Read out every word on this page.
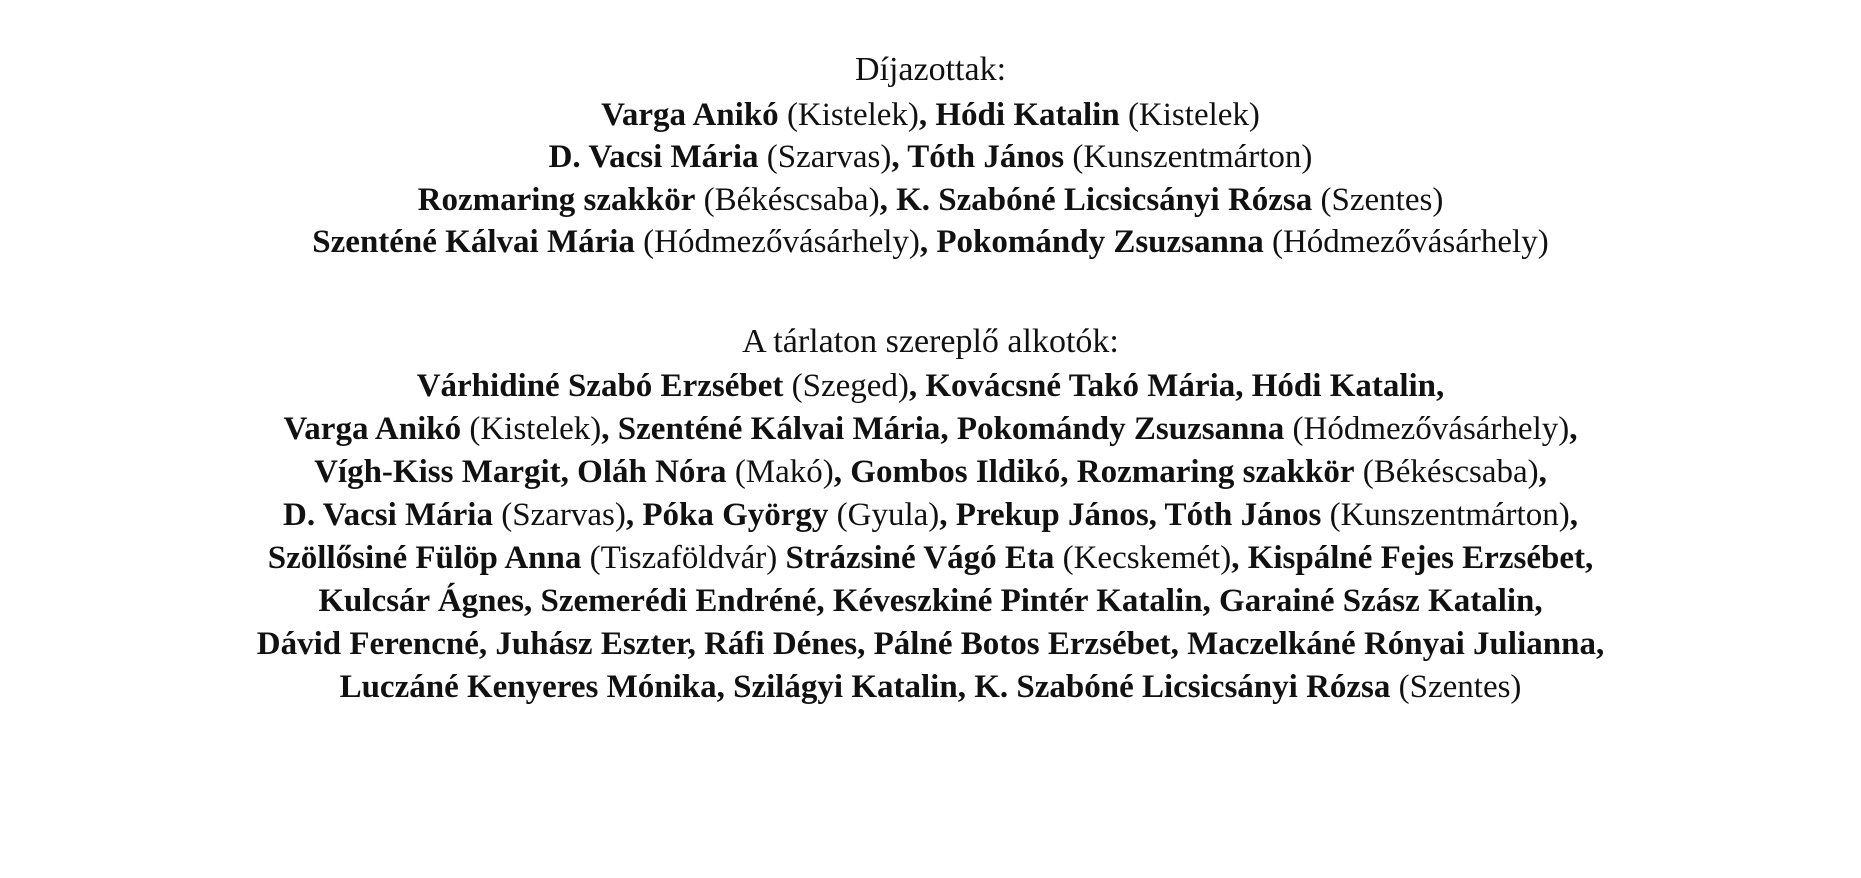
Díjazottak:

Varga Anikó (Kistelek), Hódi Katalin (Kistelek)

D. Vacsi Mária (Szarvas), Tóth János (Kunszentmárton)

Rozmaring szakkör (Békéscsaba), K. Szabóné Licsicsányi Rózsa (Szentes)

Szenténé Kálvai Mária (Hódmezővásárhely), Pokomándy Zsuzsanna (Hódmezővásárhely)

A tárlaton szereplő alkotók:

Várhidiné Szabó Erzsébet (Szeged), Kovácsné Takó Mária, Hódi Katalin,

Varga Anikó (Kistelek), Szenténé Kálvai Mária, Pokomándy Zsuzsanna (Hódmezővásárhely),

Vígh-Kiss Margit, Oláh Nóra (Makó), Gombos Ildikó, Rozmaring szakkör (Békéscsaba),

D. Vacsi Mária (Szarvas), Póka György (Gyula), Prekup János, Tóth János (Kunszentmárton),

Szöllősiné Fülöp Anna (Tiszaföldvár) Strázsiné Vágó Eta (Kecskemét), Kispálné Fejes Erzsébet,

Kulcsár Ágnes, Szemerédi Endréné, Kéveszkiné Pintér Katalin, Garainé Szász Katalin,

Dávid Ferencné, Juhász Eszter, Ráfi Dénes, Pálné Botos Erzsébet, Maczelkáné Rónyai Julianna,

Luczáné Kenyeres Mónika, Szilágyi Katalin, K. Szabóné Licsicsányi Rózsa (Szentes)
